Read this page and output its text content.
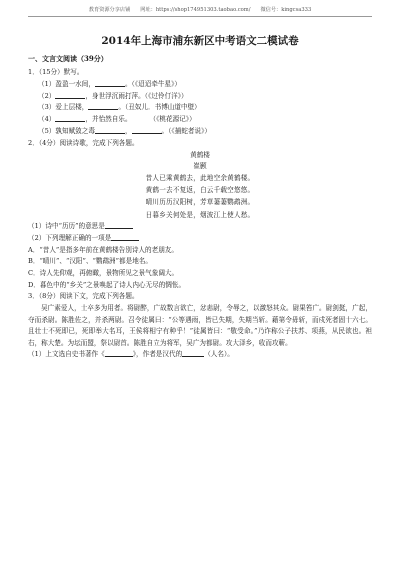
教育资源分享店铺 网址：https://shop174951303.taobao.com/ 微信号：kingcsa333
2014年上海市浦东新区中考语文二模试卷
一、文言文阅读（39分）
1．（15分）默写。
（1）盈盈一水间，	。（《迢迢牵牛星》）
（2）	，身世浮沉雨打萍。（《过伶仃洋》）
（3）爱上层楼，	。（丑奴儿．书博山道中壁）
（4）	，并怡然自乐。	（《桃花源记》）
（5）孰知赋敛之毒	，	。（《捕蛇者说》）
2．（4分）阅读诗歌，完成下列各题。
黄鹤楼
崔颢
昔人已乘黄鹤去，此地空余黄鹤楼。
黄鹤一去不复返，白云千载空悠悠。
晴川历历汉阳树，芳草萋萋鹦鹉洲。
日暮乡关何处是，烟波江上使人愁。
（1）诗中“历历”的意思是
（2）下列理解正确的一项是
A．“昔人”是指多年前在黄鹤楼告别诗人的老朋友。
B．“晴川”、“汉阳”、“鹦鹉洲”都是地名。
C．诗人先仰观，再俯瞰，景物所见之景气象阔大。
D．暮色中的“乡关”之景唤起了诗人内心无尽的惆怅。
3．（8分）阅读下文，完成下列各题。
吴广素爱人，士卒多为用者。将尉醉，广故数言欲亡，忿恚尉，令辱之，以激怒其众。尉果笞广。尉剑挺，广起，夺而杀尉。陈胜佐之，并杀两尉。召令徒属曰：“公等遇雨，皆已失期，失期当斩。藉第令毋斩，而戍死者固十六七。且壮士不死即已，死即举大名耳，王侯将相宁有种乎！”徒属皆曰：“敬受命。”乃诈称公子扶苏、项燕，从民欲也。袒右，称大楚。为坛而盟，祭以尉首。陈胜自立为将军，吴广为都尉。攻大泽乡，收而攻蕲。
（1）上文选自史书著作《	》，作者是汉代的	（人名）。
